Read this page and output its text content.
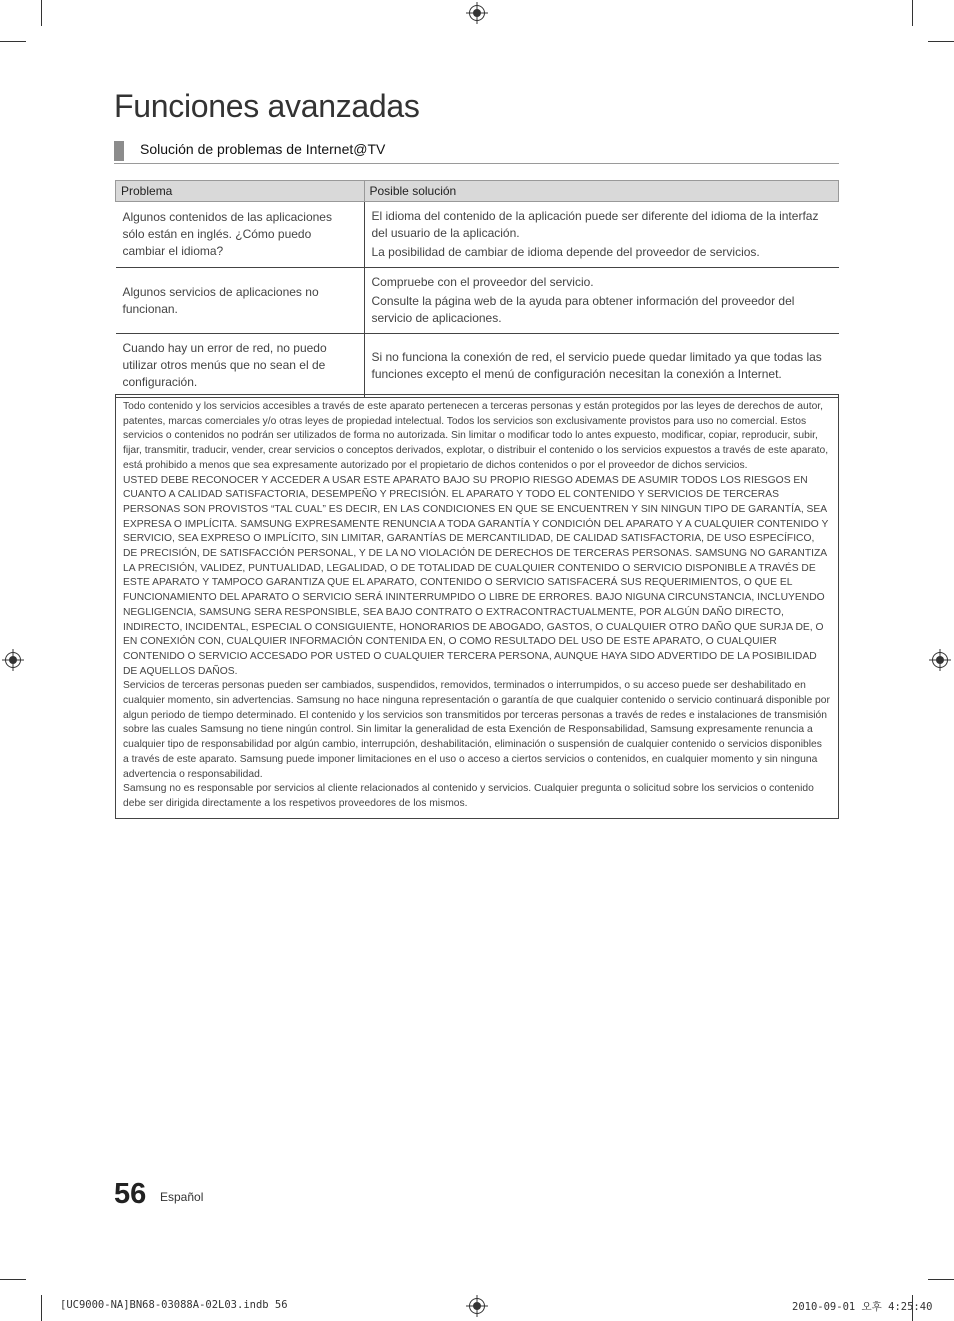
Funciones avanzadas
Solución de problemas de Internet@TV
Problema	Posible solución
Algunos contenidos de las aplicaciones sólo están en inglés. ¿Cómo puedo cambiar el idioma?	El idioma del contenido de la aplicación puede ser diferente del idioma de la interfaz del usuario de la aplicación.

La posibilidad de cambiar de idioma depende del proveedor de servicios.

Algunos servicios de aplicaciones no funcionan.	Compruebe con el proveedor del servicio.

Consulte la página web de la ayuda para obtener información del proveedor del servicio de aplicaciones.

Cuando hay un error de red, no puedo utilizar otros menús que no sean el de configuración.	Si no funciona la conexión de red, el servicio puede quedar limitado ya que todas las funciones excepto el menú de configuración necesitan la conexión a Internet.

Todo contenido y los servicios accesibles a través de este aparato pertenecen a terceras personas y están protegidos por las leyes de derechos de autor, patentes, marcas comerciales y/o otras leyes de propiedad intelectual. Todos los servicios son exclusivamente provistos para uso no comercial. Estos servicios o contenidos no podrán ser utilizados de forma no autorizada. Sin limitar o modificar todo lo antes expuesto, modificar, copiar, reproducir, subir, fijar, transmitir, traducir, vender, crear servicios o conceptos derivados, explotar, o distribuir el contenido o los servicios expuestos a través de este aparato, está prohibido a menos que sea expresamente autorizado por el propietario de dichos contenidos o por el proveedor de dichos servicios.

USTED DEBE RECONOCER Y ACCEDER A USAR ESTE APARATO BAJO SU PROPIO RIESGO ADEMAS DE ASUMIR TODOS LOS RIESGOS EN CUANTO A CALIDAD SATISFACTORIA, DESEMPEÑO Y PRECISIÓN. EL APARATO Y TODO EL CONTENIDO Y SERVICIOS DE TERCERAS PERSONAS SON PROVISTOS “TAL CUAL” ES DECIR, EN LAS CONDICIONES EN QUE SE ENCUENTREN Y SIN NINGUN TIPO DE GARANTÍA, SEA EXPRESA O IMPLÍCITA. SAMSUNG EXPRESAMENTE RENUNCIA A TODA GARANTÍA Y CONDICIÓN DEL APARATO Y A CUALQUIER CONTENIDO Y SERVICIO, SEA EXPRESO O IMPLÍCITO, SIN LIMITAR, GARANTÍAS DE MERCANTILIDAD, DE CALIDAD SATISFACTORIA, DE USO ESPECÍFICO, DE PRECISIÓN, DE SATISFACCIÓN PERSONAL, Y DE LA NO VIOLACIÓN DE DERECHOS DE TERCERAS PERSONAS. SAMSUNG NO GARANTIZA LA PRECISIÓN, VALIDEZ, PUNTUALIDAD, LEGALIDAD, O DE TOTALIDAD DE CUALQUIER CONTENIDO O SERVICIO DISPONIBLE A TRAVÉS DE ESTE APARATO Y TAMPOCO GARANTIZA QUE EL APARATO, CONTENIDO O SERVICIO SATISFACERÁ SUS REQUERIMIENTOS, O QUE EL FUNCIONAMIENTO DEL APARATO O SERVICIO SERÁ ININTERRUMPIDO O LIBRE DE ERRORES. BAJO NIGUNA CIRCUNSTANCIA, INCLUYENDO NEGLIGENCIA, SAMSUNG SERA RESPONSIBLE, SEA BAJO CONTRATO O EXTRACONTRACTUALMENTE, POR ALGÚN DAÑO DIRECTO, INDIRECTO, INCIDENTAL, ESPECIAL O CONSIGUIENTE, HONORARIOS DE ABOGADO, GASTOS, O CUALQUIER OTRO DAÑO QUE SURJA DE, O EN CONEXIÓN CON, CUALQUIER INFORMACIÓN CONTENIDA EN, O COMO RESULTADO DEL USO DE ESTE APARATO, O CUALQUIER CONTENIDO O SERVICIO ACCESADO POR USTED O CUALQUIER TERCERA PERSONA, AUNQUE HAYA SIDO ADVERTIDO DE LA POSIBILIDAD DE AQUELLOS DAÑOS.

Servicios de terceras personas pueden ser cambiados, suspendidos, removidos, terminados o interrumpidos, o su acceso puede ser deshabilitado en cualquier momento, sin advertencias. Samsung no hace ninguna representación o garantía de que cualquier contenido o servicio continuará disponible por algun periodo de tiempo determinado. El contenido y los servicios son transmitidos por terceras personas a través de redes e instalaciones de transmisión sobre las cuales Samsung no tiene ningún control. Sin limitar la generalidad de esta Exención de Responsabilidad, Samsung expresamente renuncia a cualquier tipo de responsabilidad por algún cambio, interrupción, deshabilitación, eliminación o suspensión de cualquier contenido o servicios disponibles a través de este aparato. Samsung puede imponer limitaciones en el uso o acceso a ciertos servicios o contenidos, en cualquier momento y sin ninguna advertencia o responsabilidad.

Samsung no es responsable por servicios al cliente relacionados al contenido y servicios. Cualquier pregunta o solicitud sobre los servicios o contenido debe ser dirigida directamente a los respetivos proveedores de los mismos.

56 Español
[UC9000-NA]BN68-03088A-02L03.indb 56	2010-09-01 오후 4:25:40
